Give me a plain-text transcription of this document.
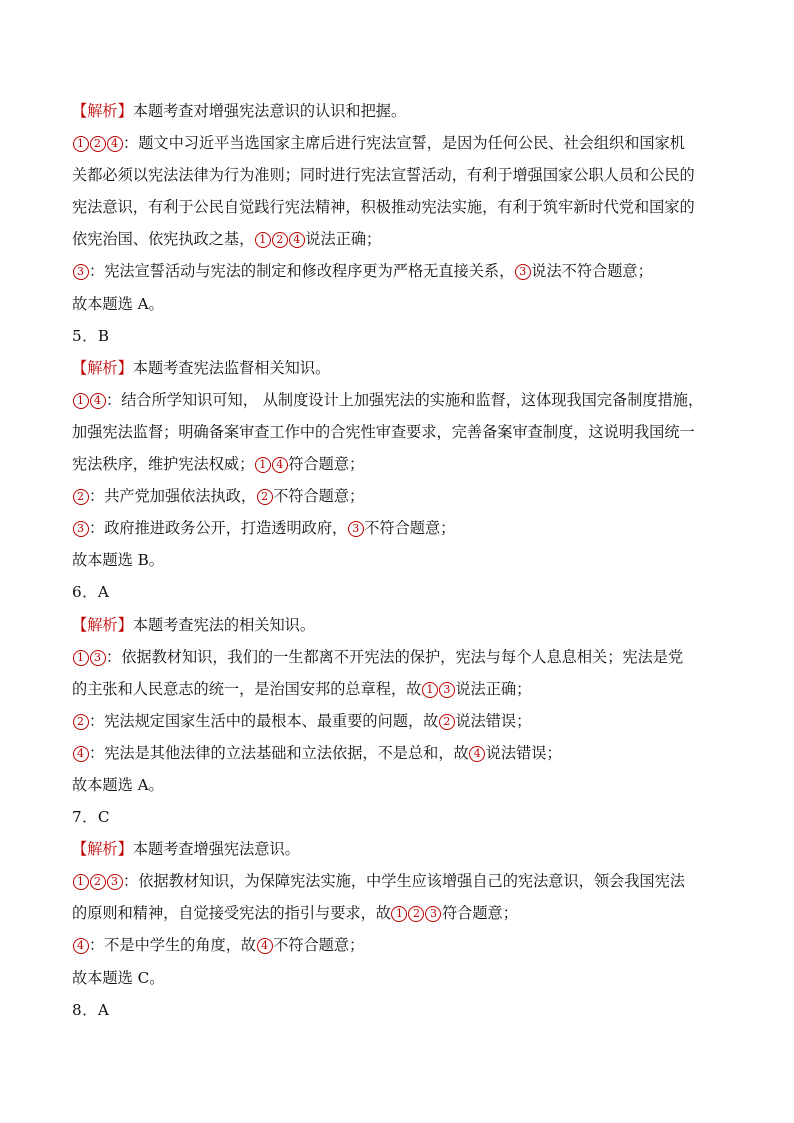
【解析】本题考查对增强宪法意识的认识和把握。
1 2 4 ：题文中习近平当选国家主席后进行宪法宣誓，是因为任何公民、社会组织和国家机
关都必须以宪法法律为行为准则；同时进行宪法宣誓活动，有利于增强国家公职人员和公民的
宪法意识，有利于公民自觉践行宪法精神，积极推动宪法实施，有利于筑牢新时代党和国家的
依宪治国、依宪执政之基， 1 2 4 说法正确；
3 ：宪法宣誓活动与宪法的制定和修改程序更为严格无直接关系， 3 说法不符合题意；
故本题选 A。
5．B
【解析】本题考查宪法监督相关知识。
1 4 ：结合所学知识可知， 从制度设计上加强宪法的实施和监督，这体现我国完备制度措施，
加强宪法监督；明确备案审查工作中的合宪性审查要求，完善备案审查制度，这说明我国统一
宪法秩序，维护宪法权威； 1 4 符合题意；
2 ：共产党加强依法执政， 2 不符合题意；
3 ：政府推进政务公开，打造透明政府， 3 不符合题意；
故本题选 B。
6．A
【解析】本题考查宪法的相关知识。
1 3 ：依据教材知识，我们的一生都离不开宪法的保护，宪法与每个人息息相关；宪法是党
的主张和人民意志的统一，是治国安邦的总章程，故 1 3 说法正确；
2 ：宪法规定国家生活中的最根本、最重要的问题，故 2 说法错误；
4 ：宪法是其他法律的立法基础和立法依据，不是总和，故 4 说法错误；
故本题选 A。
7．C
【解析】本题考查增强宪法意识。
1 2 3 ：依据教材知识，为保障宪法实施，中学生应该增强自己的宪法意识，领会我国宪法
的原则和精神，自觉接受宪法的指引与要求，故 1 2 3 符合题意；
4 ：不是中学生的角度，故 4 不符合题意；
故本题选 C。
8．A
